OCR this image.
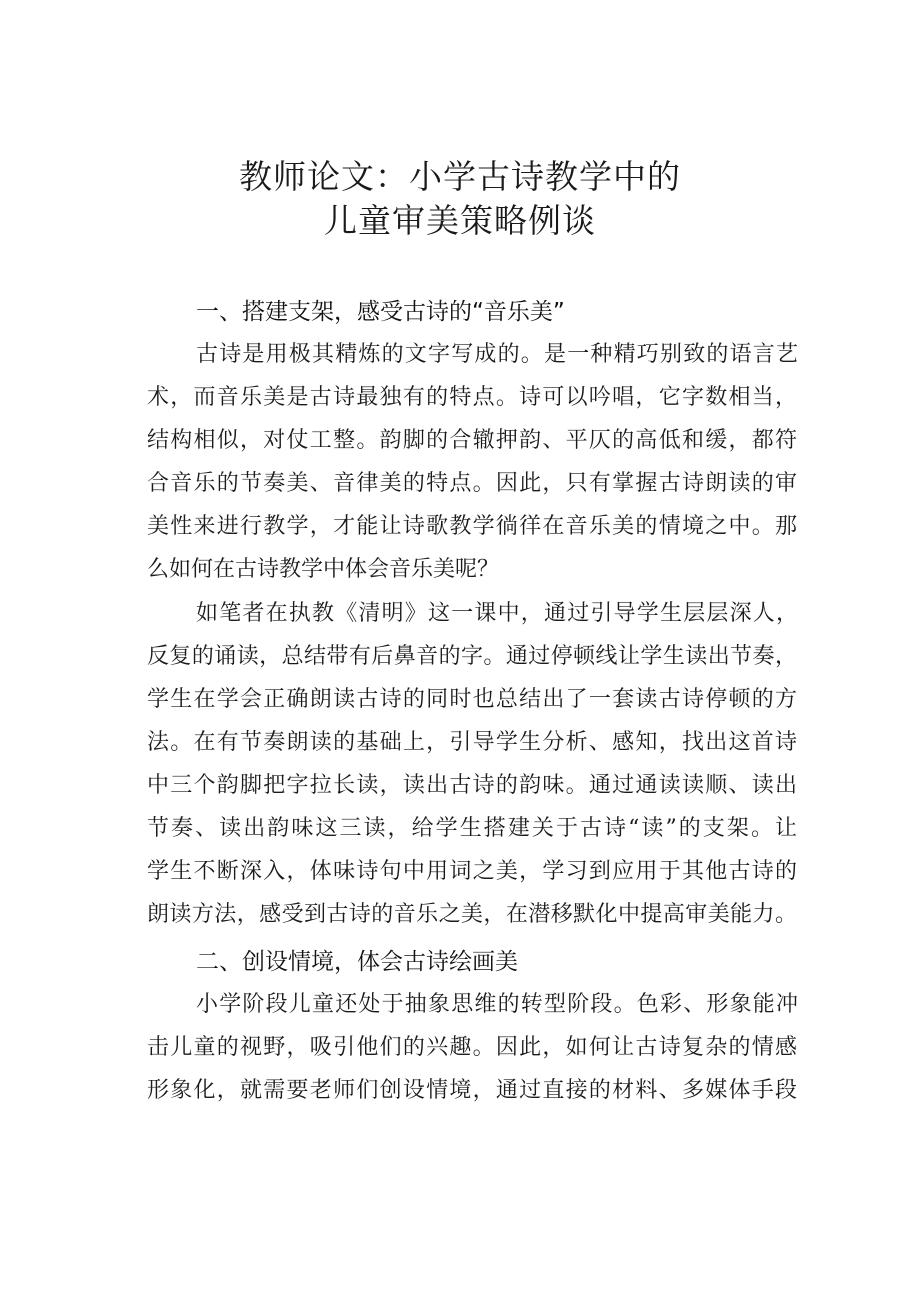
教师论文：小学古诗教学中的
儿童审美策略例谈
一、搭建支架，感受古诗的“音乐美”
古诗是用极其精炼的文字写成的。是一种精巧别致的语言艺
术，而音乐美是古诗最独有的特点。诗可以吟唱，它字数相当，
结构相似，对仗工整。韵脚的合辙押韵、平仄的高低和缓，都符
合音乐的节奏美、音律美的特点。因此，只有掌握古诗朗读的审
美性来进行教学，才能让诗歌教学徜徉在音乐美的情境之中。那
么如何在古诗教学中体会音乐美呢？
如笔者在执教《清明》这一课中，通过引导学生层层深人，
反复的诵读，总结带有后鼻音的字。通过停顿线让学生读出节奏，
学生在学会正确朗读古诗的同时也总结出了一套读古诗停顿的方
法。在有节奏朗读的基础上，引导学生分析、感知，找出这首诗
中三个韵脚把字拉长读，读出古诗的韵味。通过通读读顺、读出
节奏、读出韵味这三读，给学生搭建关于古诗“读”的支架。让
学生不断深入，体味诗句中用词之美，学习到应用于其他古诗的
朗读方法，感受到古诗的音乐之美，在潜移默化中提高审美能力。
二、创设情境，体会古诗绘画美
小学阶段儿童还处于抽象思维的转型阶段。色彩、形象能冲
击儿童的视野，吸引他们的兴趣。因此，如何让古诗复杂的情感
形象化，就需要老师们创设情境，通过直接的材料、多媒体手段
